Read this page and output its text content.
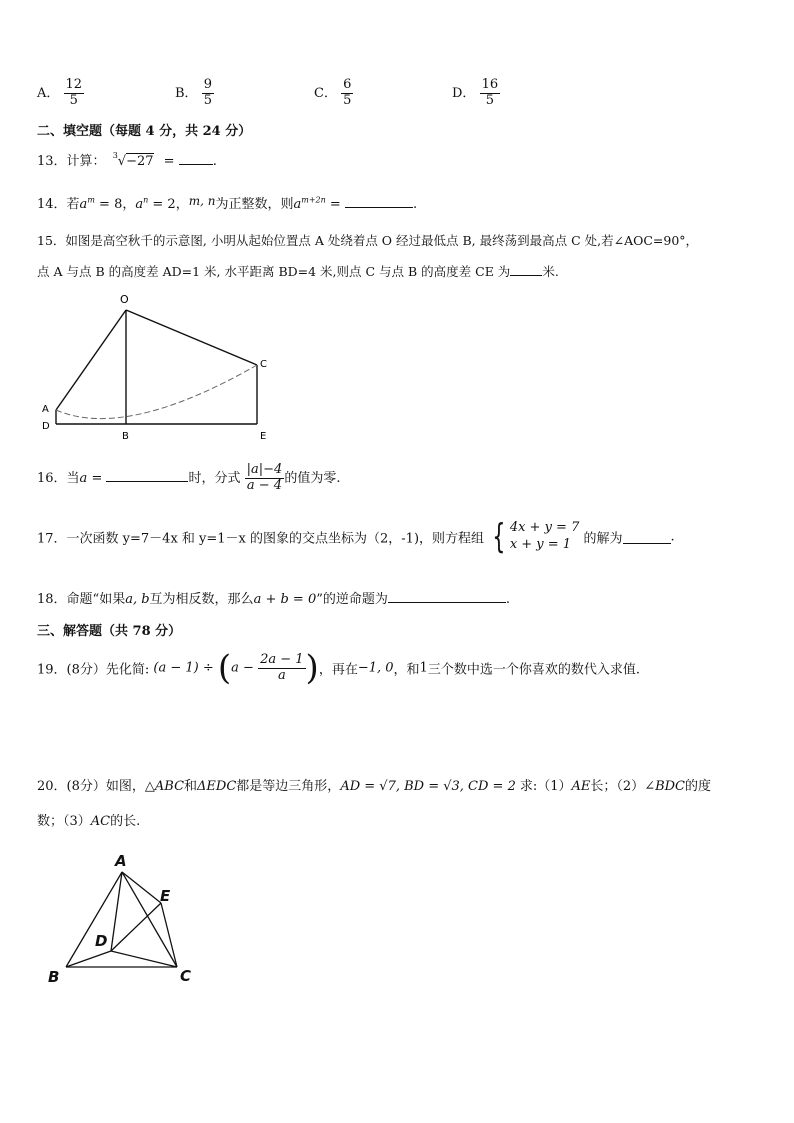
A． $\frac{12}{5}$	B． $\frac{9}{5}$	C． $\frac{6}{5}$	D． $\frac{16}{5}$
二、填空题（每题 4 分，共 24 分）
13．计算： $^3$√−27 =	.
14．若$a^m = 8$，$a^n = 2$，m, n为正整数，则$a^{m+2n}$ =	.
15．如图是高空秋千的示意图, 小明从起始位置点 A 处绕着点 O 经过最低点 B, 最终荡到最高点 C 处,若∠AOC=90°，
点 A 与点 B 的高度差 AD=1 米, 水平距离 BD=4 米,则点 C 与点 B 的高度差 CE 为	米.
O
A
D
B
C
E
16．当a =	时，分式 $\frac{|a|-4}{a - 4}$ 的值为零.
17．一次函数 y=7－4x 和 y=1－x 的图象的交点坐标为（2，-1)，则方程组 { 4x + y = 7
x + y = 1 的解为	.
18．命题“如果a, b互为相反数，那么a + b = 0”的逆命题为	.
三、解答题（共 78 分）
19．(8分）先化简: $(a - 1) \div (a - \frac{2a - 1}{a}$ )，再在−1, 0，和1三个数中选一个你喜欢的数代入求值.
20．(8分）如图，△ABC和ΔEDC都是等边三角形，AD = √7, BD = √3, CD = 2 求:（1）AE长；（2）∠BDC的度
数；（3）AC的长.
A
B	C
D
E
